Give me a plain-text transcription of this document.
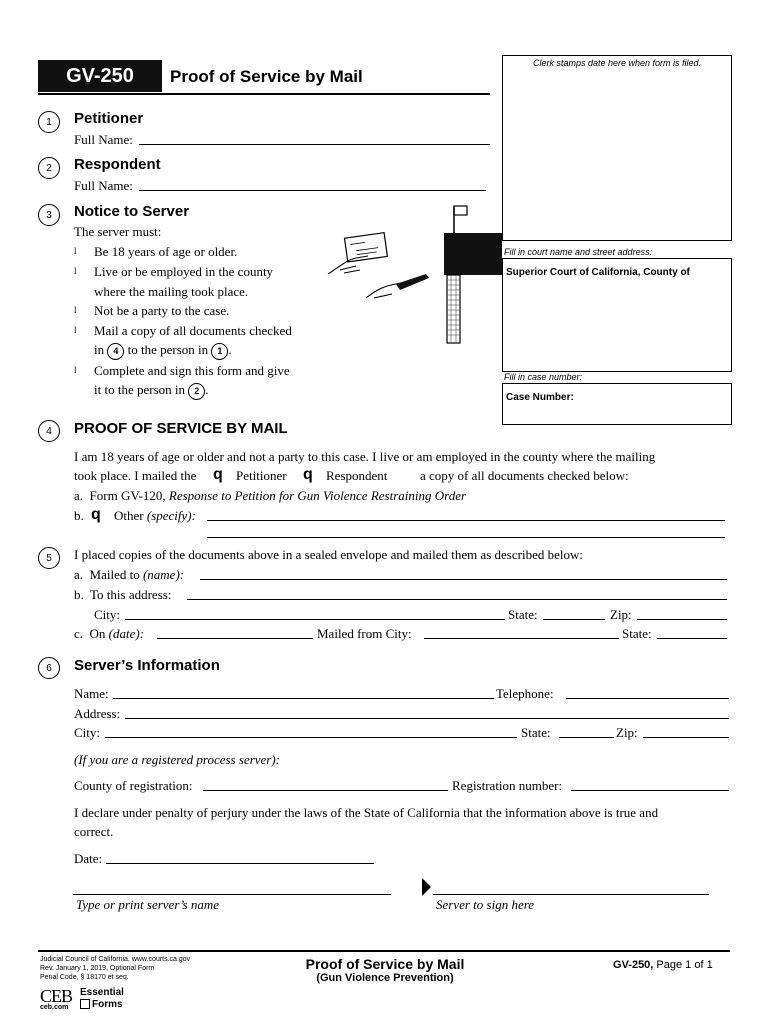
GV-250	Proof of Service by Mail
Clerk stamps date here when form is filed.
Fill in court name and street address:
Superior Court of California, County of
Fill in case number:
Case Number:
1	Petitioner
Full Name:
2	Respondent
Full Name:
3	Notice to Server
The server must:
l Be 18 years of age or older.
l Live or be employed in the county
where the mailing took place.
l Not be a party to the case.
l Mail a copy of all documents checked
in 4 to the person in 1 .
l Complete and sign this form and give
it to the person in 2 .
4	PROOF OF SERVICE BY MAIL
I am 18 years of age or older and not a party to this case. I live or am employed in the county where the mailing
took place. I mailed the q Petitioner q Respondent	a copy of all documents checked below:
a. Form GV-120, Response to Petition for Gun Violence Restraining Order
b. q Other (specify):
5	I placed copies of the documents above in a sealed envelope and mailed them as described below:
a. Mailed to (name):
b. To this address:
City:	State:	Zip:
c. On (date):	Mailed from City:	State:
6	Server’s Information
Name:	Telephone:
Address:
City:	State:	Zip:
(If you are a registered process server):
County of registration:	Registration number:
I declare under penalty of perjury under the laws of the State of California that the information above is true and
correct.
Date:
Type or print server’s name	Server to sign here
Judicial Council of California, www.courts.ca.gov
Rev. January 1, 2019, Optional Form
Penal Code, § 18170 et seq.
Proof of Service by Mail
(Gun Violence Prevention)
GV-250, Page 1 of 1
CEB
ceb.com
Essential
Forms
